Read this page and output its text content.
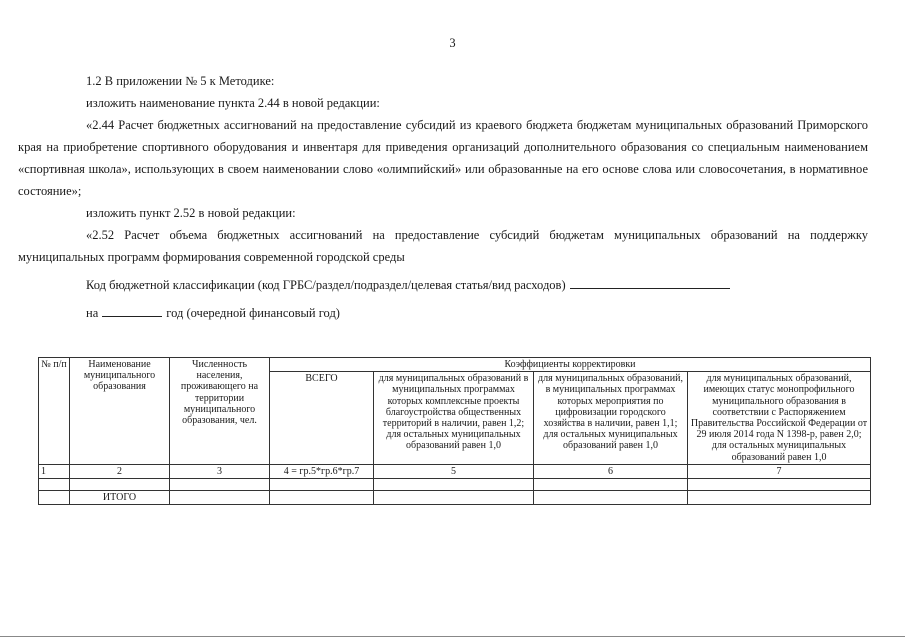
3

1.2 В приложении № 5 к Методике:

изложить наименование пункта 2.44 в новой редакции:

«2.44 Расчет бюджетных ассигнований на предоставление субсидий из краевого бюджета бюджетам муниципальных образований Приморского края на приобретение спортивного оборудования и инвентаря для приведения организаций дополнительного образования со специальным наименованием «спортивная школа», использующих в своем наименовании слово «олимпийский» или образованные на его основе слова или словосочетания, в нормативное состояние»;

изложить пункт 2.52 в новой редакции:

«2.52 Расчет объема бюджетных ассигнований на предоставление субсидий бюджетам муниципальных образований на поддержку муниципальных программ формирования современной городской среды

Код бюджетной классификации (код ГРБС/раздел/подраздел/целевая статья/вид расходов)

на	год (очередной финансовый год)

№ п/п	Наименование муниципального образования	Численность населения, проживающего на территории муниципального образования, чел.	Коэффициенты корректировки			
			ВСЕГО	для муниципальных образований в муниципальных программах которых комплексные проекты благоустройства общественных территорий в наличии, равен 1,2; для остальных муниципальных образований равен 1,0	для муниципальных образований, в муниципальных программах которых мероприятия по цифровизации городского хозяйства в наличии, равен 1,1; для остальных муниципальных образований равен 1,0	для муниципальных образований, имеющих статус монопрофильного муниципального образования в соответствии с Распоряжением Правительства Российской Федерации от 29 июля 2014 года N 1398-р, равен 2,0; для остальных муниципальных образований равен 1,0
1	2	3	4 = гр.5*гр.6*гр.7	5	6	7

	ИТОГО					
